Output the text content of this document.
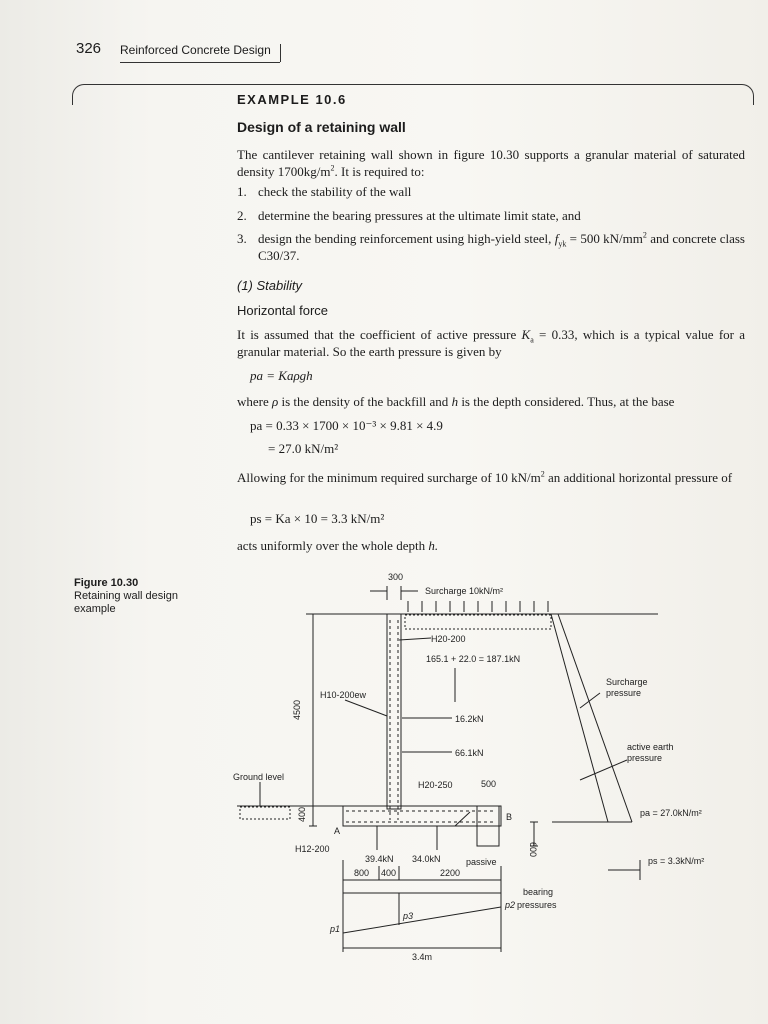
326 Reinforced Concrete Design
EXAMPLE 10.6
Design of a retaining wall
The cantilever retaining wall shown in figure 10.30 supports a granular material of saturated density $1700kg/m^2$. It is required to:
1. check the stability of the wall
2. determine the bearing pressures at the ultimate limit state, and
3. design the bending reinforcement using high-yield steel, $f_{yk} = 500$ $kN/mm^2$ and concrete class C30/37.
(1) Stability
Horizontal force
It is assumed that the coefficient of active pressure $K_a = 0.33$, which is a typical value for a granular material. So the earth pressure is given by
pa = Kaρgh
where ρ is the density of the backfill and h is the depth considered. Thus, at the base
pa = 0.33 × 1700 × 10⁻³ × 9.81 × 4.9
= 27.0 kN/m²
Allowing for the minimum required surcharge of 10 $kN/m^2$ an additional horizontal pressure of
ps = Ka × 10 = 3.3 kN/m²
acts uniformly over the whole depth h.
Figure 10.30
Retaining wall design
example
300
Surcharge 10kN/m²
H20-200
165.1 + 22.0 = 187.1kN
H10-200ew
4500	16.2kN
66.1kN
Surcharge
pressure
active earth
pressure
Ground level
H20-250	500
pa = 27.0kN/m²
400
600
A
B
H12-200
39.4kN 34.0kN	passive
800 400	2200
ps = 3.3kN/m²
bearing
pressures
p1
p2
p3
3.4m
